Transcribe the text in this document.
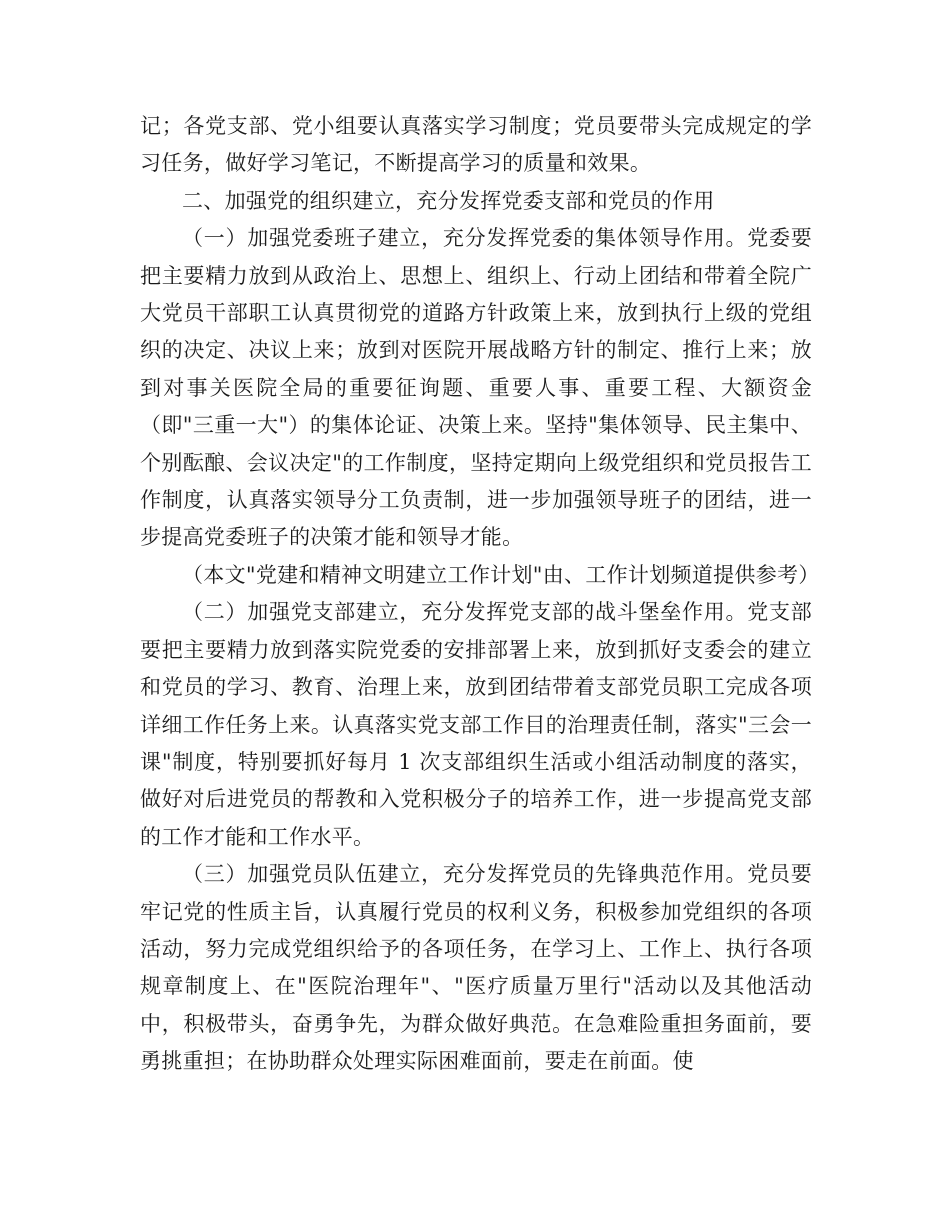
记；各党支部、党小组要认真落实学习制度；党员要带头完成规定的学习任务，做好学习笔记，不断提高学习的质量和效果。

二、加强党的组织建立，充分发挥党委支部和党员的作用

（一）加强党委班子建立，充分发挥党委的集体领导作用。党委要把主要精力放到从政治上、思想上、组织上、行动上团结和带着全院广大党员干部职工认真贯彻党的道路方针政策上来，放到执行上级的党组织的决定、决议上来；放到对医院开展战略方针的制定、推行上来；放到对事关医院全局的重要征询题、重要人事、重要工程、大额资金（即"三重一大"）的集体论证、决策上来。坚持"集体领导、民主集中、个别酝酿、会议决定"的工作制度，坚持定期向上级党组织和党员报告工作制度，认真落实领导分工负责制，进一步加强领导班子的团结，进一步提高党委班子的决策才能和领导才能。

（本文"党建和精神文明建立工作计划"由、工作计划频道提供参考）

（二）加强党支部建立，充分发挥党支部的战斗堡垒作用。党支部要把主要精力放到落实院党委的安排部署上来，放到抓好支委会的建立和党员的学习、教育、治理上来，放到团结带着支部党员职工完成各项详细工作任务上来。认真落实党支部工作目的治理责任制，落实"三会一课"制度，特别要抓好每月 1 次支部组织生活或小组活动制度的落实，做好对后进党员的帮教和入党积极分子的培养工作，进一步提高党支部的工作才能和工作水平。

（三）加强党员队伍建立，充分发挥党员的先锋典范作用。党员要牢记党的性质主旨，认真履行党员的权利义务，积极参加党组织的各项活动，努力完成党组织给予的各项任务，在学习上、工作上、执行各项规章制度上、在"医院治理年"、"医疗质量万里行"活动以及其他活动中，积极带头，奋勇争先，为群众做好典范。在急难险重担务面前，要勇挑重担；在协助群众处理实际困难面前，要走在前面。使
